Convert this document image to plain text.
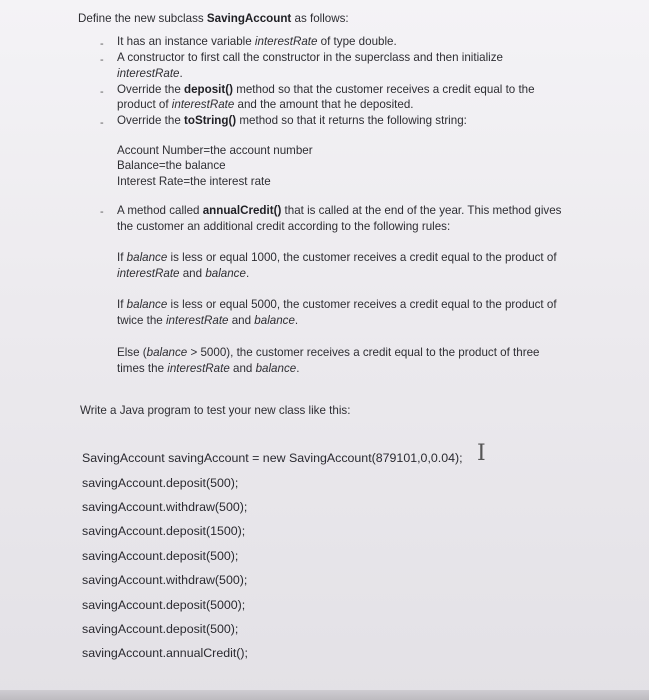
Define the new subclass SavingAccount as follows:
-
-
-
-
-
It has an instance variable interestRate of type double.
A constructor to first call the constructor in the superclass and then initialize
interestRate.
Override the deposit() method so that the customer receives a credit equal to the
product of interestRate and the amount that he deposited.
Override the toString() method so that it returns the following string:
Account Number=the account number
Balance=the balance
Interest Rate=the interest rate
A method called annualCredit() that is called at the end of the year. This method gives
the customer an additional credit according to the following rules:
If balance is less or equal 1000, the customer receives a credit equal to the product of
interestRate and balance.
If balance is less or equal 5000, the customer receives a credit equal to the product of
twice the interestRate and balance.
Else (balance > 5000), the customer receives a credit equal to the product of three
times the interestRate and balance.
Write a Java program to test your new class like this:
SavingAccount savingAccount = new SavingAccount(879101,0,0.04);
savingAccount.deposit(500);
savingAccount.withdraw(500);
savingAccount.deposit(1500);
savingAccount.deposit(500);
savingAccount.withdraw(500);
savingAccount.deposit(5000);
savingAccount.deposit(500);
savingAccount.annualCredit();
I
